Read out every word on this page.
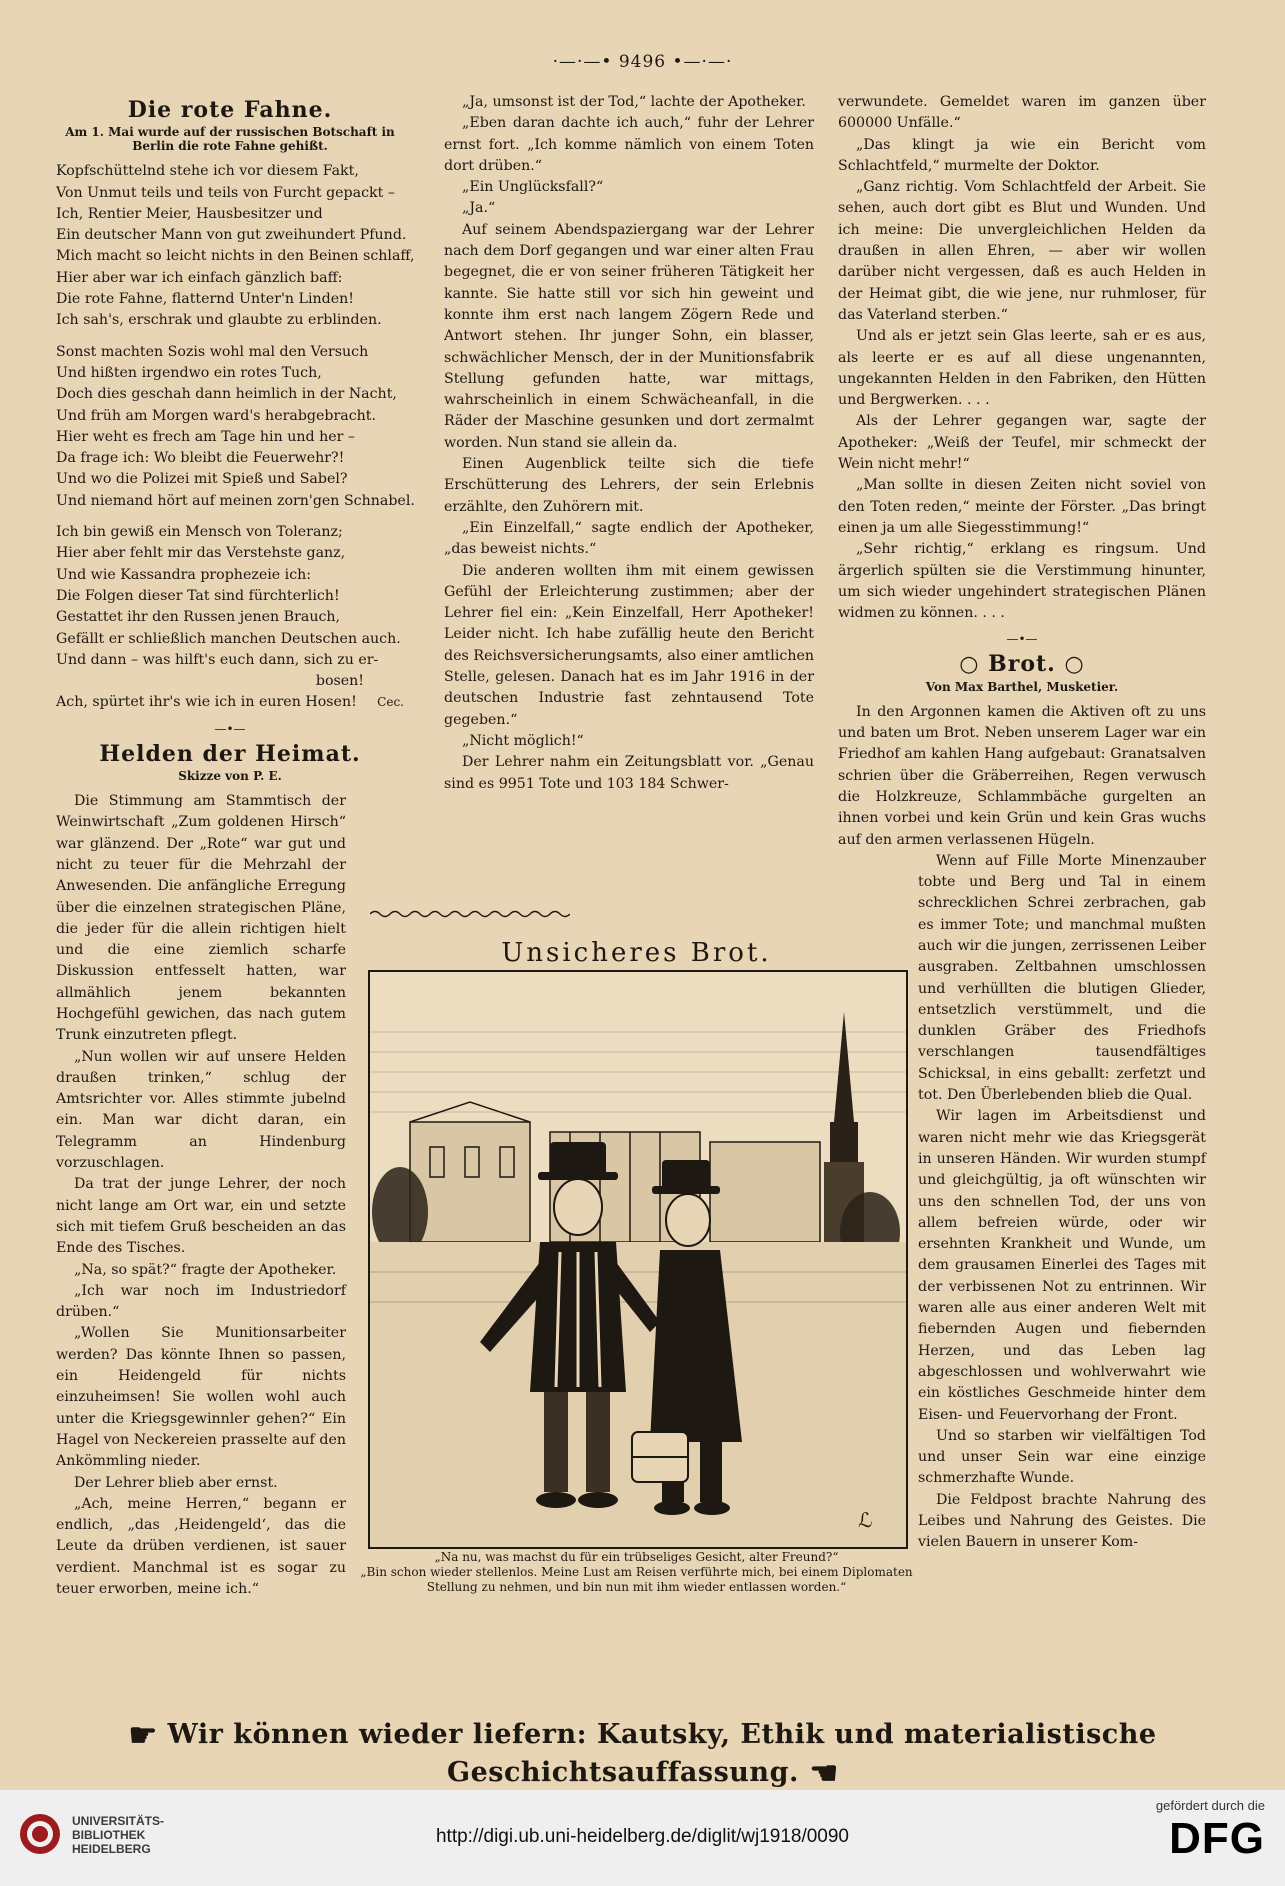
·—·—• 9496 •—·—·
Die rote Fahne.
Am 1. Mai wurde auf der russischen Botschaft in Berlin die rote Fahne gehißt.
Kopfschüttelnd stehe ich vor diesem Fakt,
Von Unmut teils und teils von Furcht gepackt –
Ich, Rentier Meier, Hausbesitzer und
Ein deutscher Mann von gut zweihundert Pfund.
Mich macht so leicht nichts in den Beinen schlaff,
Hier aber war ich einfach gänzlich baff:
Die rote Fahne, flatternd Unter'n Linden!
Ich sah's, erschrak und glaubte zu erblinden.
Sonst machten Sozis wohl mal den Versuch
Und hißten irgendwo ein rotes Tuch,
Doch dies geschah dann heimlich in der Nacht,
Und früh am Morgen ward's herabgebracht.
Hier weht es frech am Tage hin und her –
Da frage ich: Wo bleibt die Feuerwehr?!
Und wo die Polizei mit Spieß und Sabel?
Und niemand hört auf meinen zorn'gen Schnabel.
Ich bin gewiß ein Mensch von Toleranz;
Hier aber fehlt mir das Verstehste ganz,
Und wie Kassandra prophezeie ich:
Die Folgen dieser Tat sind fürchterlich!
Gestattet ihr den Russen jenen Brauch,
Gefällt er schließlich manchen Deutschen auch.
Und dann – was hilft's euch dann, sich zu er-
bosen!
Ach, spürtet ihr's wie ich in euren Hosen! Cec.
—•—
Helden der Heimat.
Skizze von P. E.

Die Stimmung am Stammtisch der Weinwirtschaft „Zum goldenen Hirsch“ war glänzend. Der „Rote“ war gut und nicht zu teuer für die Mehrzahl der Anwesenden. Die anfängliche Erregung über die einzelnen strategischen Pläne, die jeder für die allein richtigen hielt und die eine ziemlich scharfe Diskussion entfesselt hatten, war allmählich jenem bekannten Hochgefühl gewichen, das nach gutem Trunk einzutreten pflegt.

„Nun wollen wir auf unsere Helden draußen trinken,“ schlug der Amtsrichter vor. Alles stimmte jubelnd ein. Man war dicht daran, ein Telegramm an Hindenburg vorzuschlagen.

Da trat der junge Lehrer, der noch nicht lange am Ort war, ein und setzte sich mit tiefem Gruß bescheiden an das Ende des Tisches.

„Na, so spät?“ fragte der Apotheker.

„Ich war noch im Industriedorf drüben.“

„Wollen Sie Munitionsarbeiter werden? Das könnte Ihnen so passen, ein Heidengeld für nichts einzuheimsen! Sie wollen wohl auch unter die Kriegsgewinnler gehen?“ Ein Hagel von Neckereien prasselte auf den Ankömmling nieder.

Der Lehrer blieb aber ernst.

„Ach, meine Herren,“ begann er endlich, „das ‚Heidengeld‘, das die Leute da drüben verdienen, ist sauer verdient. Manchmal ist es sogar zu teuer erworben, meine ich.“

„Ja, umsonst ist der Tod,“ lachte der Apotheker.

„Eben daran dachte ich auch,“ fuhr der Lehrer ernst fort. „Ich komme nämlich von einem Toten dort drüben.“

„Ein Unglücksfall?“

„Ja.“

Auf seinem Abendspaziergang war der Lehrer nach dem Dorf gegangen und war einer alten Frau begegnet, die er von seiner früheren Tätigkeit her kannte. Sie hatte still vor sich hin geweint und konnte ihm erst nach langem Zögern Rede und Antwort stehen. Ihr junger Sohn, ein blasser, schwächlicher Mensch, der in der Munitionsfabrik Stellung gefunden hatte, war mittags, wahrscheinlich in einem Schwächeanfall, in die Räder der Maschine gesunken und dort zermalmt worden. Nun stand sie allein da.

Einen Augenblick teilte sich die tiefe Erschütterung des Lehrers, der sein Erlebnis erzählte, den Zuhörern mit.

„Ein Einzelfall,“ sagte endlich der Apotheker, „das beweist nichts.“

Die anderen wollten ihm mit einem gewissen Gefühl der Erleichterung zustimmen; aber der Lehrer fiel ein: „Kein Einzelfall, Herr Apotheker! Leider nicht. Ich habe zufällig heute den Bericht des Reichsversicherungsamts, also einer amtlichen Stelle, gelesen. Danach hat es im Jahr 1916 in der deutschen Industrie fast zehntausend Tote gegeben.“

„Nicht möglich!“

Der Lehrer nahm ein Zeitungsblatt vor. „Genau sind es 9951 Tote und 103 184 Schwer-

verwundete. Gemeldet waren im ganzen über 600000 Unfälle.“

„Das klingt ja wie ein Bericht vom Schlachtfeld,“ murmelte der Doktor.

„Ganz richtig. Vom Schlachtfeld der Arbeit. Sie sehen, auch dort gibt es Blut und Wunden. Und ich meine: Die unvergleichlichen Helden da draußen in allen Ehren, — aber wir wollen darüber nicht vergessen, daß es auch Helden in der Heimat gibt, die wie jene, nur ruhmloser, für das Vaterland sterben.“

Und als er jetzt sein Glas leerte, sah er es aus, als leerte er es auf all diese ungenannten, ungekannten Helden in den Fabriken, den Hütten und Bergwerken. . . .

Als der Lehrer gegangen war, sagte der Apotheker: „Weiß der Teufel, mir schmeckt der Wein nicht mehr!“

„Man sollte in diesen Zeiten nicht soviel von den Toten reden,“ meinte der Förster. „Das bringt einen ja um alle Siegesstimmung!“

„Sehr richtig,“ erklang es ringsum. Und ärgerlich spülten sie die Verstimmung hinunter, um sich wieder ungehindert strategischen Plänen widmen zu können. . . .

—•—
○ Brot. ○
Von Max Barthel, Musketier.

In den Argonnen kamen die Aktiven oft zu uns und baten um Brot. Neben unserem Lager war ein Friedhof am kahlen Hang aufgebaut: Granatsalven schrien über die Gräberreihen, Regen verwusch die Holzkreuze, Schlammbäche gurgelten an ihnen vorbei und kein Grün und kein Gras wuchs auf den armen verlassenen Hügeln.

Wenn auf Fille Morte Minenzauber tobte und Berg und Tal in einem schrecklichen Schrei zerbrachen, gab es immer Tote; und manchmal mußten auch wir die jungen, zerrissenen Leiber ausgraben. Zeltbahnen umschlossen und verhüllten die blutigen Glieder, entsetzlich verstümmelt, und die dunklen Gräber des Friedhofs verschlangen tausendfältiges Schicksal, in eins geballt: zerfetzt und tot. Den Überlebenden blieb die Qual.

Wir lagen im Arbeitsdienst und waren nicht mehr wie das Kriegsgerät in unseren Händen. Wir wurden stumpf und gleichgültig, ja oft wünschten wir uns den schnellen Tod, der uns von allem befreien würde, oder wir ersehnten Krankheit und Wunde, um dem grausamen Einerlei des Tages mit der verbissenen Not zu entrinnen. Wir waren alle aus einer anderen Welt mit fiebernden Augen und fiebernden Herzen, und das Leben lag abgeschlossen und wohlverwahrt wie ein köstliches Geschmeide hinter dem Eisen- und Feuervorhang der Front.

Und so starben wir vielfältigen Tod und unser Sein war eine einzige schmerzhafte Wunde.

Die Feldpost brachte Nahrung des Leibes und Nahrung des Geistes. Die vielen Bauern in unserer Kom-

Unsicheres Brot.
ℒ
„Na nu, was machst du für ein trübseliges Gesicht, alter Freund?“
„Bin schon wieder stellenlos. Meine Lust am Reisen verführte mich, bei einem Diplomaten Stellung zu nehmen, und bin nun mit ihm wieder entlassen worden.“
☛ Wir können wieder liefern: Kautsky, Ethik und materialistische Geschichtsauffassung. ☛
UNIVERSITÄTS-
BIBLIOTHEK
HEIDELBERG
http://digi.ub.uni-heidelberg.de/diglit/wj1918/0090
gefördert durch die
DFG
